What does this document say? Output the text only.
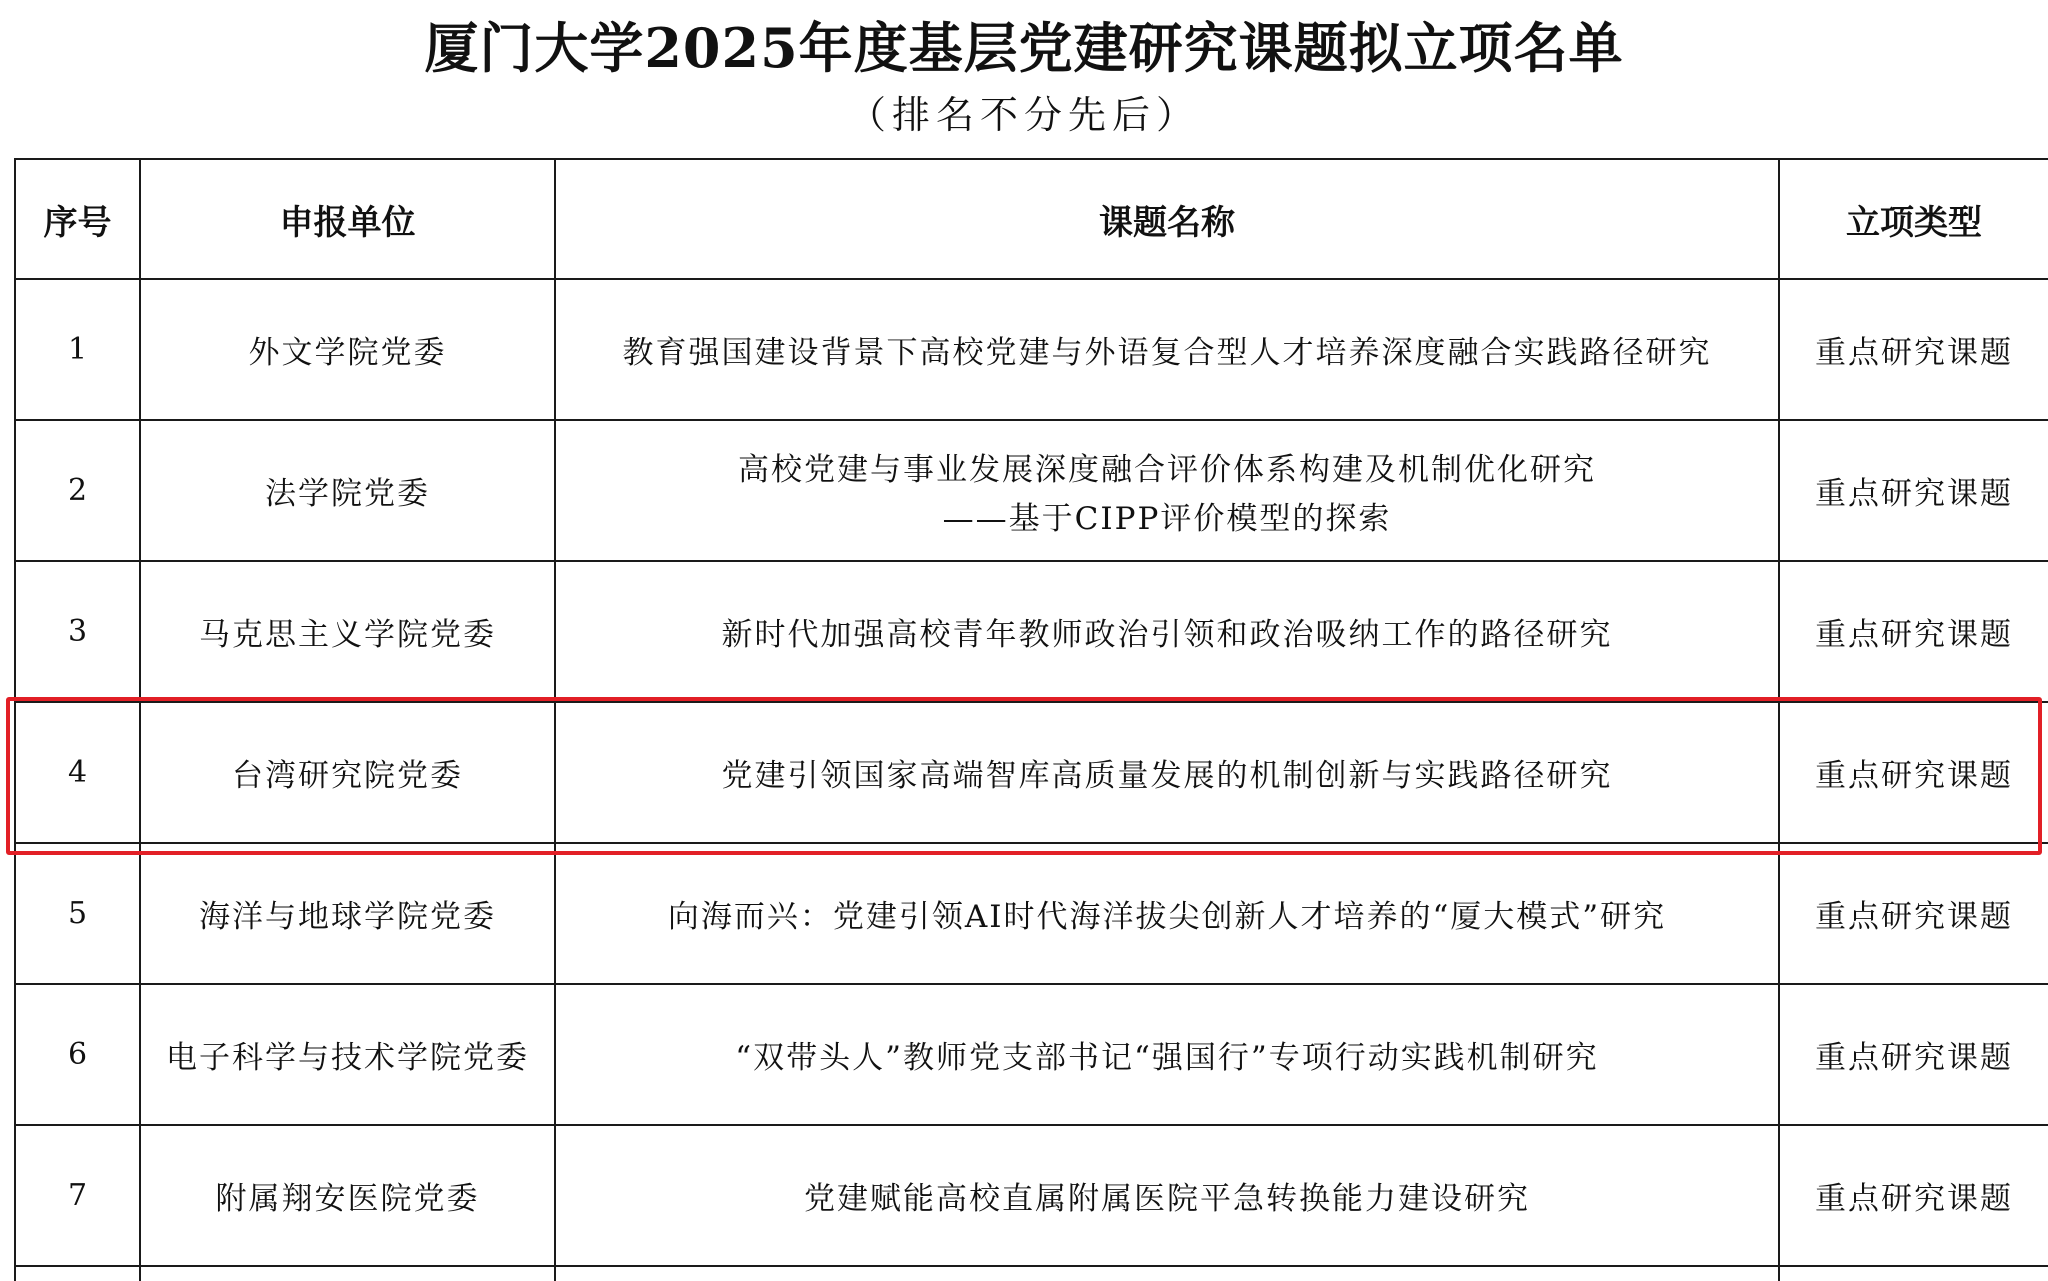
厦门大学2025年度基层党建研究课题拟立项名单
（排名不分先后）
序号	申报单位	课题名称	立项类型
1	外文学院党委	教育强国建设背景下高校党建与外语复合型人才培养深度融合实践路径研究	重点研究课题
2	法学院党委	高校党建与事业发展深度融合评价体系构建及机制优化研究
——基于CIPP评价模型的探索	重点研究课题
3	马克思主义学院党委	新时代加强高校青年教师政治引领和政治吸纳工作的路径研究	重点研究课题
4	台湾研究院党委	党建引领国家高端智库高质量发展的机制创新与实践路径研究	重点研究课题
5	海洋与地球学院党委	向海而兴：党建引领AI时代海洋拔尖创新人才培养的“厦大模式”研究	重点研究课题
6	电子科学与技术学院党委	“双带头人”教师党支部书记“强国行”专项行动实践机制研究	重点研究课题
7	附属翔安医院党委	党建赋能高校直属附属医院平急转换能力建设研究	重点研究课题
